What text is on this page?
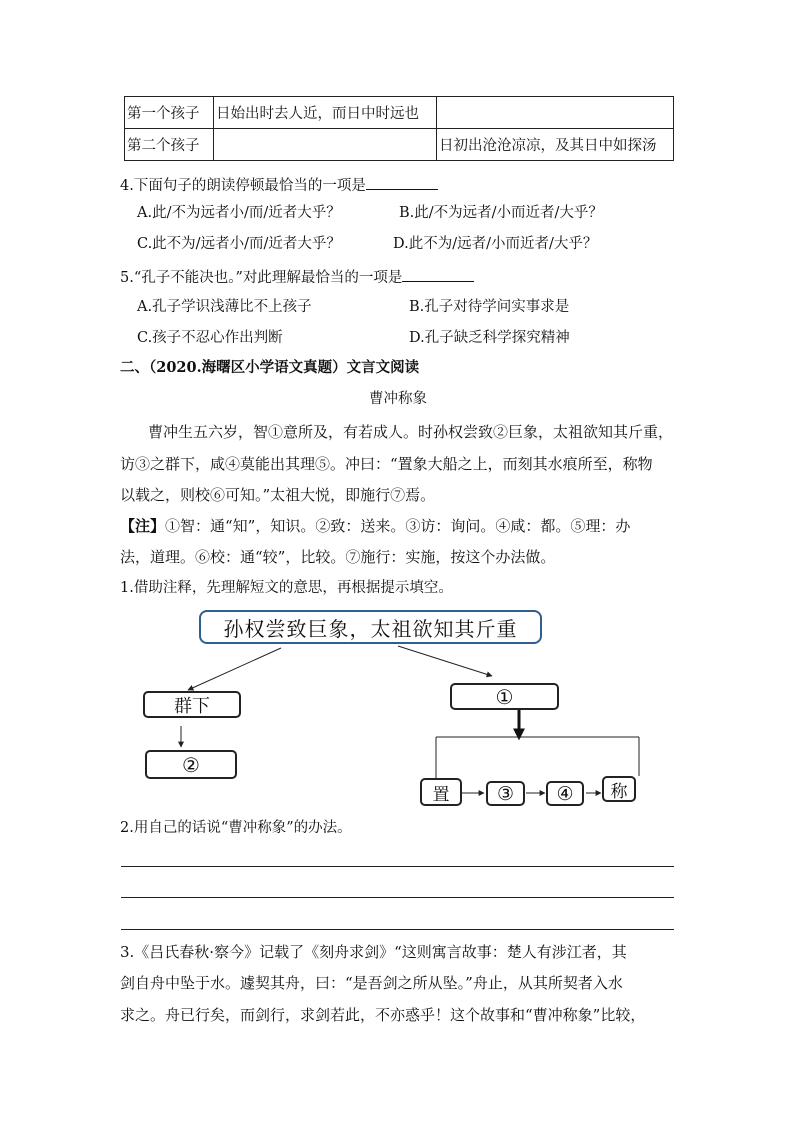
第一个孩子	日始出时去人近，而日中时远也	
第二个孩子		日初出沧沧凉凉，及其日中如探汤
4.下面句子的朗读停顿最恰当的一项是
A.此/不为远者小/而/近者大乎？	B.此/不为远者/小而近者/大乎？
C.此不为/远者小/而/近者大乎？	D.此不为/远者/小而近者/大乎？
5.“孔子不能决也。”对此理解最恰当的一项是
A.孔子学识浅薄比不上孩子	B.孔子对待学问实事求是
C.孩子不忍心作出判断	D.孔子缺乏科学探究精神
二、（2020.海曙区小学语文真题）文言文阅读
曹冲称象
曹冲生五六岁，智①意所及，有若成人。时孙权尝致②巨象，太祖欲知其斤重，
访③之群下，咸④莫能出其理⑤。冲曰：“置象大船之上，而刻其水痕所至，称物
以载之，则校⑥可知。”太祖大悦，即施行⑦焉。
【注】①智：通“知”，知识。②致：送来。③访：询问。④咸：都。⑤理：办
法，道理。⑥校：通“较”，比较。⑦施行：实施，按这个办法做。
1.借助注释，先理解短文的意思，再根据提示填空。
孙权尝致巨象，太祖欲知其斤重
群下
②
①
置	③	④	称
2.用自己的话说“曹冲称象”的办法。
3.《吕氏春秋·察今》记载了《刻舟求剑》“这则寓言故事：楚人有涉江者，其
剑自舟中坠于水。遽契其舟，曰：“是吾剑之所从坠。”舟止，从其所契者入水
求之。舟已行矣，而剑行，求剑若此，不亦惑乎！这个故事和“曹冲称象”比较，
